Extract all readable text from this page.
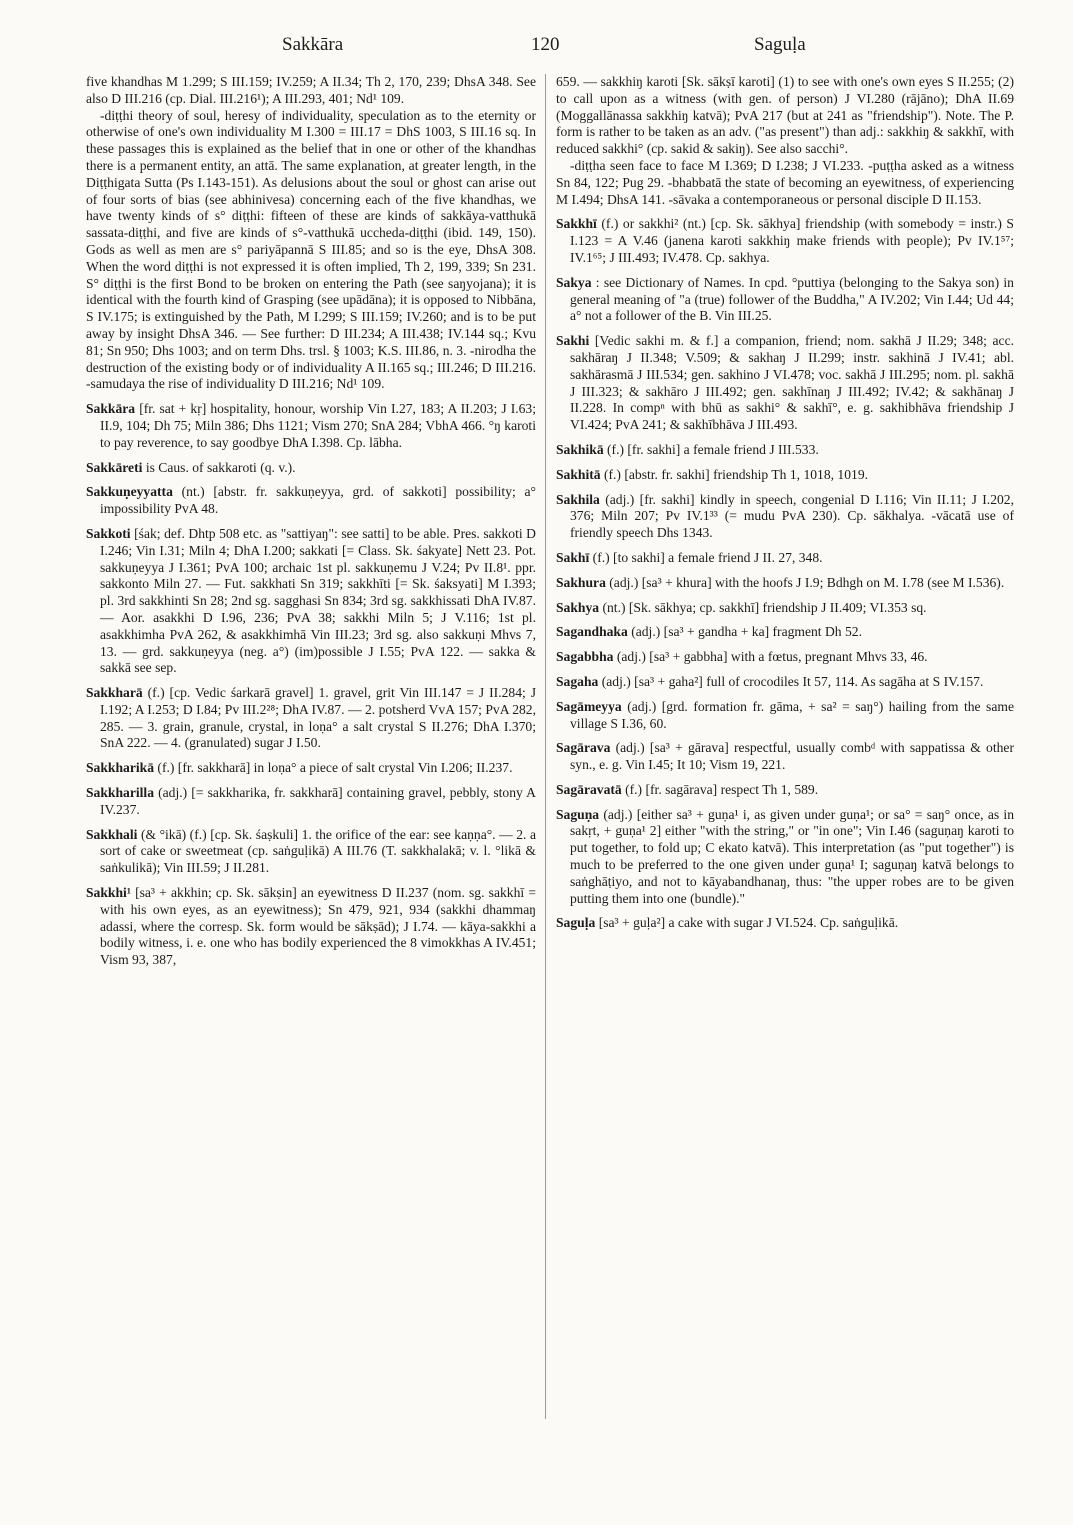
Sakkāra	120	Saguḷa

five khandhas M 1.299; S III.159; IV.259; A II.34; Th 2, 170, 239; DhsA 348. See also D III.216 (cp. Dial. III.216¹); A III.293, 401; Nd¹ 109.

-diṭṭhi theory of soul, heresy of individuality, speculation as to the eternity or otherwise of one's own individuality M I.300 = III.17 = DhS 1003, S III.16 sq. In these passages this is explained as the belief that in one or other of the khandhas there is a permanent entity, an attā. The same explanation, at greater length, in the Diṭṭhigata Sutta (Ps I.143-151). As delusions about the soul or ghost can arise out of four sorts of bias (see abhinivesa) concerning each of the five khandhas, we have twenty kinds of s° diṭṭhi: fifteen of these are kinds of sakkāya-vatthukā sassata-diṭṭhi, and five are kinds of s°-vatthukā uccheda-diṭṭhi (ibid. 149, 150). Gods as well as men are s° pariyāpannā S III.85; and so is the eye, DhsA 308. When the word diṭṭhi is not expressed it is often implied, Th 2, 199, 339; Sn 231. S° diṭṭhi is the first Bond to be broken on entering the Path (see saŋyojana); it is identical with the fourth kind of Grasping (see upādāna); it is opposed to Nibbāna, S IV.175; is extinguished by the Path, M I.299; S III.159; IV.260; and is to be put away by insight DhsA 346. — See further: D III.234; A III.438; IV.144 sq.; Kvu 81; Sn 950; Dhs 1003; and on term Dhs. trsl. § 1003; K.S. III.86, n. 3. -nirodha the destruction of the existing body or of individuality A II.165 sq.; III.246; D III.216. -samudaya the rise of individuality D III.216; Nd¹ 109.

Sakkāra [fr. sat + kṛ] hospitality, honour, worship Vin I.27, 183; A II.203; J I.63; II.9, 104; Dh 75; Miln 386; Dhs 1121; Vism 270; SnA 284; VbhA 466. °ŋ karoti to pay reverence, to say goodbye DhA I.398. Cp. lābha.

Sakkāreti is Caus. of sakkaroti (q. v.).

Sakkuṇeyyatta (nt.) [abstr. fr. sakkuṇeyya, grd. of sakkoti] possibility; a° impossibility PvA 48.

Sakkoti [śak; def. Dhtp 508 etc. as "sattiyaŋ": see satti] to be able. Pres. sakkoti D I.246; Vin I.31; Miln 4; DhA I.200; sakkati [= Class. Sk. śakyate] Nett 23. Pot. sakkuṇeyya J I.361; PvA 100; archaic 1st pl. sakkuṇemu J V.24; Pv II.8¹. ppr. sakkonto Miln 27. — Fut. sakkhati Sn 319; sakkhīti [= Sk. śaksyati] M I.393; pl. 3rd sakkhinti Sn 28; 2nd sg. sagghasi Sn 834; 3rd sg. sakkhissati DhA IV.87. — Aor. asakkhi D I.96, 236; PvA 38; sakkhi Miln 5; J V.116; 1st pl. asakkhimha PvA 262, & asakkhimhā Vin III.23; 3rd sg. also sakkuṇi Mhvs 7, 13. — grd. sakkuṇeyya (neg. a°) (im)possible J I.55; PvA 122. — sakka & sakkā see sep.

Sakkharā (f.) [cp. Vedic śarkarā gravel] 1. gravel, grit Vin III.147 = J II.284; J I.192; A I.253; D I.84; Pv III.2²⁸; DhA IV.87. — 2. potsherd VvA 157; PvA 282, 285. — 3. grain, granule, crystal, in loṇa° a salt crystal S II.276; DhA I.370; SnA 222. — 4. (granulated) sugar J I.50.

Sakkharikā (f.) [fr. sakkharā] in loṇa° a piece of salt crystal Vin I.206; II.237.

Sakkharilla (adj.) [= sakkharika, fr. sakkharā] containing gravel, pebbly, stony A IV.237.

Sakkhali (& °ikā) (f.) [cp. Sk. śaṣkuli] 1. the orifice of the ear: see kaṇṇa°. — 2. a sort of cake or sweetmeat (cp. saṅguḷikā) A III.76 (T. sakkhalakā; v. l. °likā & saṅkulikā); Vin III.59; J II.281.

Sakkhi¹ [sa³ + akkhin; cp. Sk. sākṣin] an eyewitness D II.237 (nom. sg. sakkhī = with his own eyes, as an eyewitness); Sn 479, 921, 934 (sakkhi dhammaŋ adassi, where the corresp. Sk. form would be sākṣād); J I.74. — kāya-sakkhi a bodily witness, i. e. one who has bodily experienced the 8 vimokkhas A IV.451; Vism 93, 387,

659. — sakkhiŋ karoti [Sk. sākṣī karoti] (1) to see with one's own eyes S II.255; (2) to call upon as a witness (with gen. of person) J VI.280 (rājāno); DhA II.69 (Moggallānassa sakkhiŋ katvā); PvA 217 (but at 241 as "friendship"). Note. The P. form is rather to be taken as an adv. ("as present") than adj.: sakkhiŋ & sakkhī, with reduced sakkhi° (cp. sakid & sakiŋ). See also sacchi°.

-diṭṭha seen face to face M I.369; D I.238; J VI.233. -puṭṭha asked as a witness Sn 84, 122; Pug 29. -bhabbatā the state of becoming an eyewitness, of experiencing M I.494; DhsA 141. -sāvaka a contemporaneous or personal disciple D II.153.

Sakkhī (f.) or sakkhi² (nt.) [cp. Sk. sākhya] friendship (with somebody = instr.) S I.123 = A V.46 (janena karoti sakkhiŋ make friends with people); Pv IV.1⁵⁷; IV.1⁶⁵; J III.493; IV.478. Cp. sakhya.

Sakya : see Dictionary of Names. In cpd. °puttiya (belonging to the Sakya son) in general meaning of "a (true) follower of the Buddha," A IV.202; Vin I.44; Ud 44; a° not a follower of the B. Vin III.25.

Sakhi [Vedic sakhi m. & f.] a companion, friend; nom. sakhā J II.29; 348; acc. sakhāraŋ J II.348; V.509; & sakhaŋ J II.299; instr. sakhinā J IV.41; abl. sakhārasmā J III.534; gen. sakhino J VI.478; voc. sakhā J III.295; nom. pl. sakhā J III.323; & sakhāro J III.492; gen. sakhīnaŋ J III.492; IV.42; & sakhānaŋ J II.228. In compⁿ with bhū as sakhi° & sakhī°, e. g. sakhibhāva friendship J VI.424; PvA 241; & sakhībhāva J III.493.

Sakhikā (f.) [fr. sakhi] a female friend J III.533.

Sakhitā (f.) [abstr. fr. sakhi] friendship Th 1, 1018, 1019.

Sakhila (adj.) [fr. sakhi] kindly in speech, congenial D I.116; Vin II.11; J I.202, 376; Miln 207; Pv IV.1³³ (= mudu PvA 230). Cp. sākhalya. -vācatā use of friendly speech Dhs 1343.

Sakhī (f.) [to sakhi] a female friend J II. 27, 348.

Sakhura (adj.) [sa³ + khura] with the hoofs J I.9; Bdhgh on M. I.78 (see M I.536).

Sakhya (nt.) [Sk. sākhya; cp. sakkhī] friendship J II.409; VI.353 sq.

Sagandhaka (adj.) [sa³ + gandha + ka] fragment Dh 52.

Sagabbha (adj.) [sa³ + gabbha] with a fœtus, pregnant Mhvs 33, 46.

Sagaha (adj.) [sa³ + gaha²] full of crocodiles It 57, 114. As sagāha at S IV.157.

Sagāmeyya (adj.) [grd. formation fr. gāma, + sa² = saŋ°) hailing from the same village S I.36, 60.

Sagārava (adj.) [sa³ + gārava] respectful, usually combᵈ with sappatissa & other syn., e. g. Vin I.45; It 10; Vism 19, 221.

Sagāravatā (f.) [fr. sagārava] respect Th 1, 589.

Saguṇa (adj.) [either sa³ + guṇa¹ i, as given under guṇa¹; or sa° = saŋ° once, as in sakṛt, + guṇa¹ 2] either "with the string," or "in one"; Vin I.46 (saguṇaŋ karoti to put together, to fold up; C ekato katvā). This interpretation (as "put together") is much to be preferred to the one given under guṇa¹ I; saguṇaŋ katvā belongs to saṅghāṭiyo, and not to kāyabandhanaŋ, thus: "the upper robes are to be given putting them into one (bundle)."

Saguḷa [sa³ + guḷa²] a cake with sugar J VI.524. Cp. saṅguḷikā.
